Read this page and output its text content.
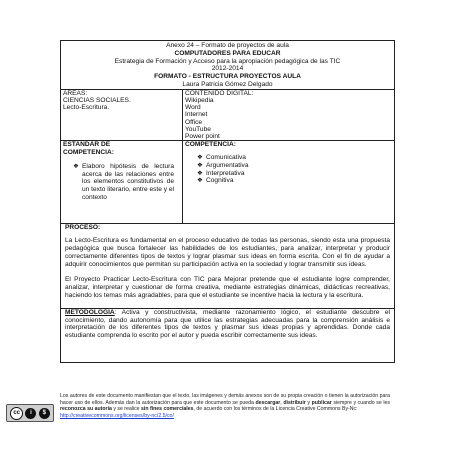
Anexo 24 – Formato de proyectos de aula
COMPUTADORES PARA EDUCAR
Estrategia de Formación y Acceso para la apropiación pedagógica de las TIC
2012-2014
FORMATO - ESTRUCTURA PROYECTOS AULA
Laura Patricia Gómez Delgado
AREAS:
CIENCIAS SOCIALES.
Lecto-Escritura.
CONTENIDO DIGITAL:
Wikipedia
Word
Internet
Office
YouTube
Power point
ESTANDAR DE
COMPETENCIA:
❖ Elaboro hipótesis de lectura acerca de las relaciones entre los elementos constitutivos de un texto literario, entre este y el contexto
COMPETENCIA:
❖ Comunicativa
❖ Argumentativa
❖ Interpretativa
❖ Cognitiva
PROCESO:

La Lecto-Escritura es fundamental en el proceso educativo de todas las personas, siendo esta una propuesta pedagógica que busca fortalecer las habilidades de los estudiantes, para analizar, interpretar y producir correctamente diferentes tipos de textos y lograr plasmar sus ideas en forma escrita. Con el fin de ayudar a adquirir conocimientos que permitan su participación activa en la sociedad y lograr transmitir sus ideas.

El Proyecto Practicar Lecto-Escritura con TIC para Mejorar pretende que el estudiante logre comprender, analizar, interpretar y cuestionar de forma creativa, mediante estrategias dinámicas, didácticas recreativas, haciendo los temas más agradables, para que el estudiante se incentive hacia la lectura y la escritura.

METODOLOGIA: Activa y constructivista, mediante razonamiento lógico, el estudiante descubre el conocimiento, dando autonomía para que utilice las estrategias adecuadas para la comprensión análisis e interpretación de los diferentes tipos de textos y plasmar sus ideas propias y aprendidas. Donde cada estudiante comprenda lo escrito por el autor y pueda escribir correctamente sus ideas.

cc	i	$
Los autores de este documento manifiestan que el texto, las imágenes y demás anexos son de su propia creación o tienen la autorización para hacer uso de ellos. Además dan la autorización para que este documento se pueda descargar, distribuir y publicar siempre y cuando se les reconozca su autoría y se realice sin fines comerciales, de acuerdo con los términos de la Licencia Creative Commons By-Nc:
http://creativecommons.org/licenses/by-nc/2.5/co/
